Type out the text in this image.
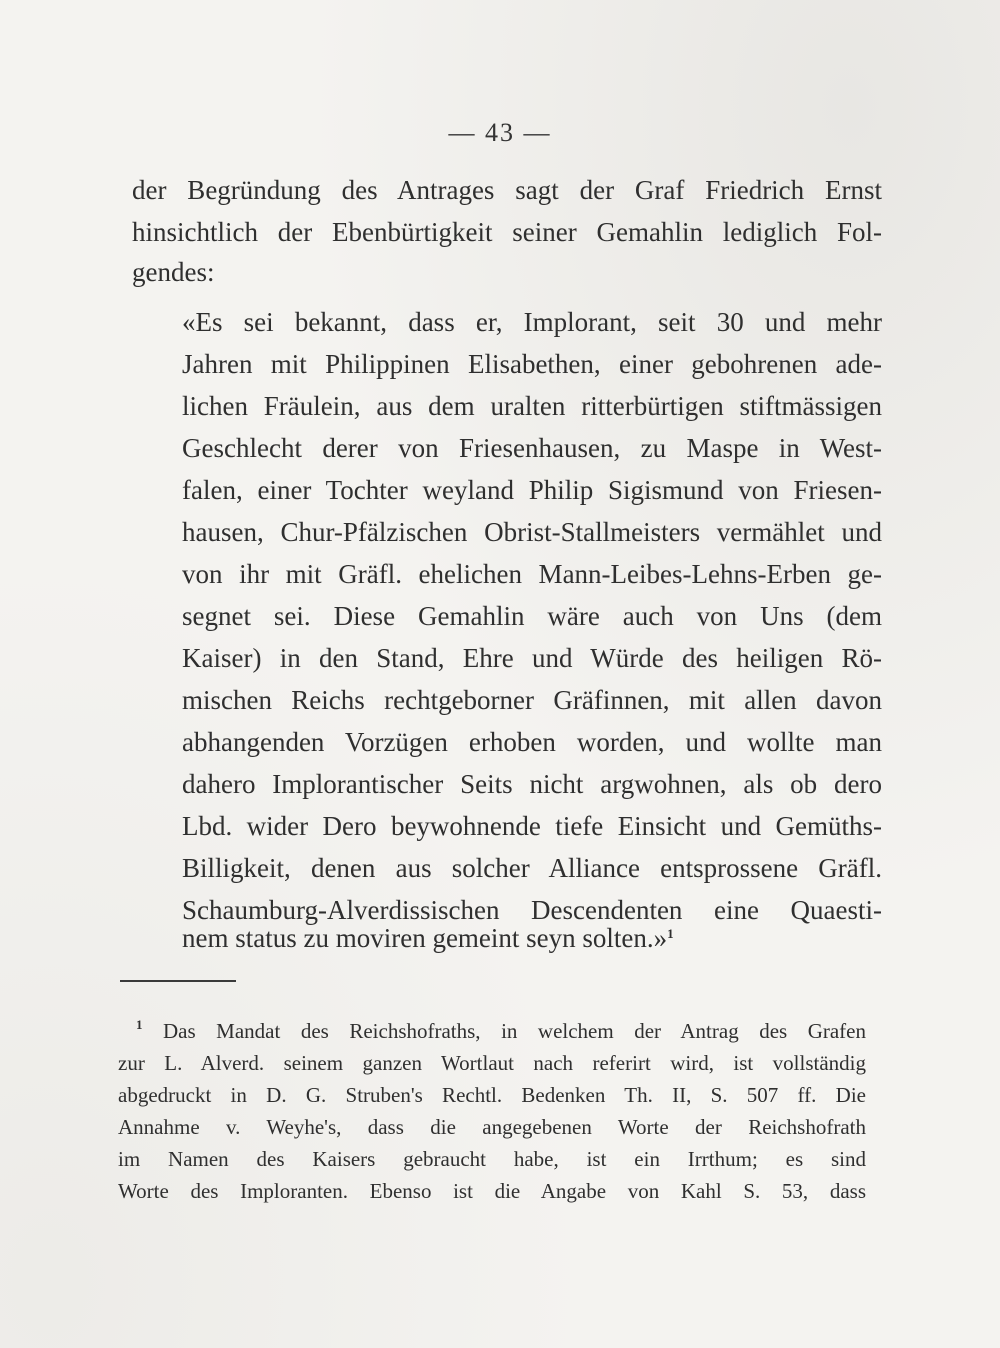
— 43 —
der Begründung des Antrages sagt der Graf Friedrich Ernst
hinsichtlich der Ebenbürtigkeit seiner Gemahlin lediglich Fol-
gendes:
«Es sei bekannt, dass er, Implorant, seit 30 und mehr
Jahren mit Philippinen Elisabethen, einer gebohrenen ade-
lichen Fräulein, aus dem uralten ritterbürtigen stiftmässigen
Geschlecht derer von Friesenhausen, zu Maspe in West-
falen, einer Tochter weyland Philip Sigismund von Friesen-
hausen, Chur-Pfälzischen Obrist-Stallmeisters vermählet und
von ihr mit Gräfl. ehelichen Mann-Leibes-Lehns-Erben ge-
segnet sei. Diese Gemahlin wäre auch von Uns (dem
Kaiser) in den Stand, Ehre und Würde des heiligen Rö-
mischen Reichs rechtgeborner Gräfinnen, mit allen davon
abhangenden Vorzügen erhoben worden, und wollte man
dahero Implorantischer Seits nicht argwohnen, als ob dero
Lbd. wider Dero beywohnende tiefe Einsicht und Gemüths-
Billigkeit, denen aus solcher Alliance entsprossene Gräfl.
Schaumburg-Alverdissischen Descendenten eine Quaesti-
nem status zu moviren gemeint seyn solten.»$^1$
$^1$ Das Mandat des Reichshofraths, in welchem der Antrag des Grafen
zur L. Alverd. seinem ganzen Wortlaut nach referirt wird, ist vollständig
abgedruckt in D. G. Struben's Rechtl. Bedenken Th. II, S. 507 ff. Die
Annahme v. Weyhe's, dass die angegebenen Worte der Reichshofrath
im Namen des Kaisers gebraucht habe, ist ein Irrthum; es sind
Worte des Imploranten. Ebenso ist die Angabe von Kahl S. 53, dass
